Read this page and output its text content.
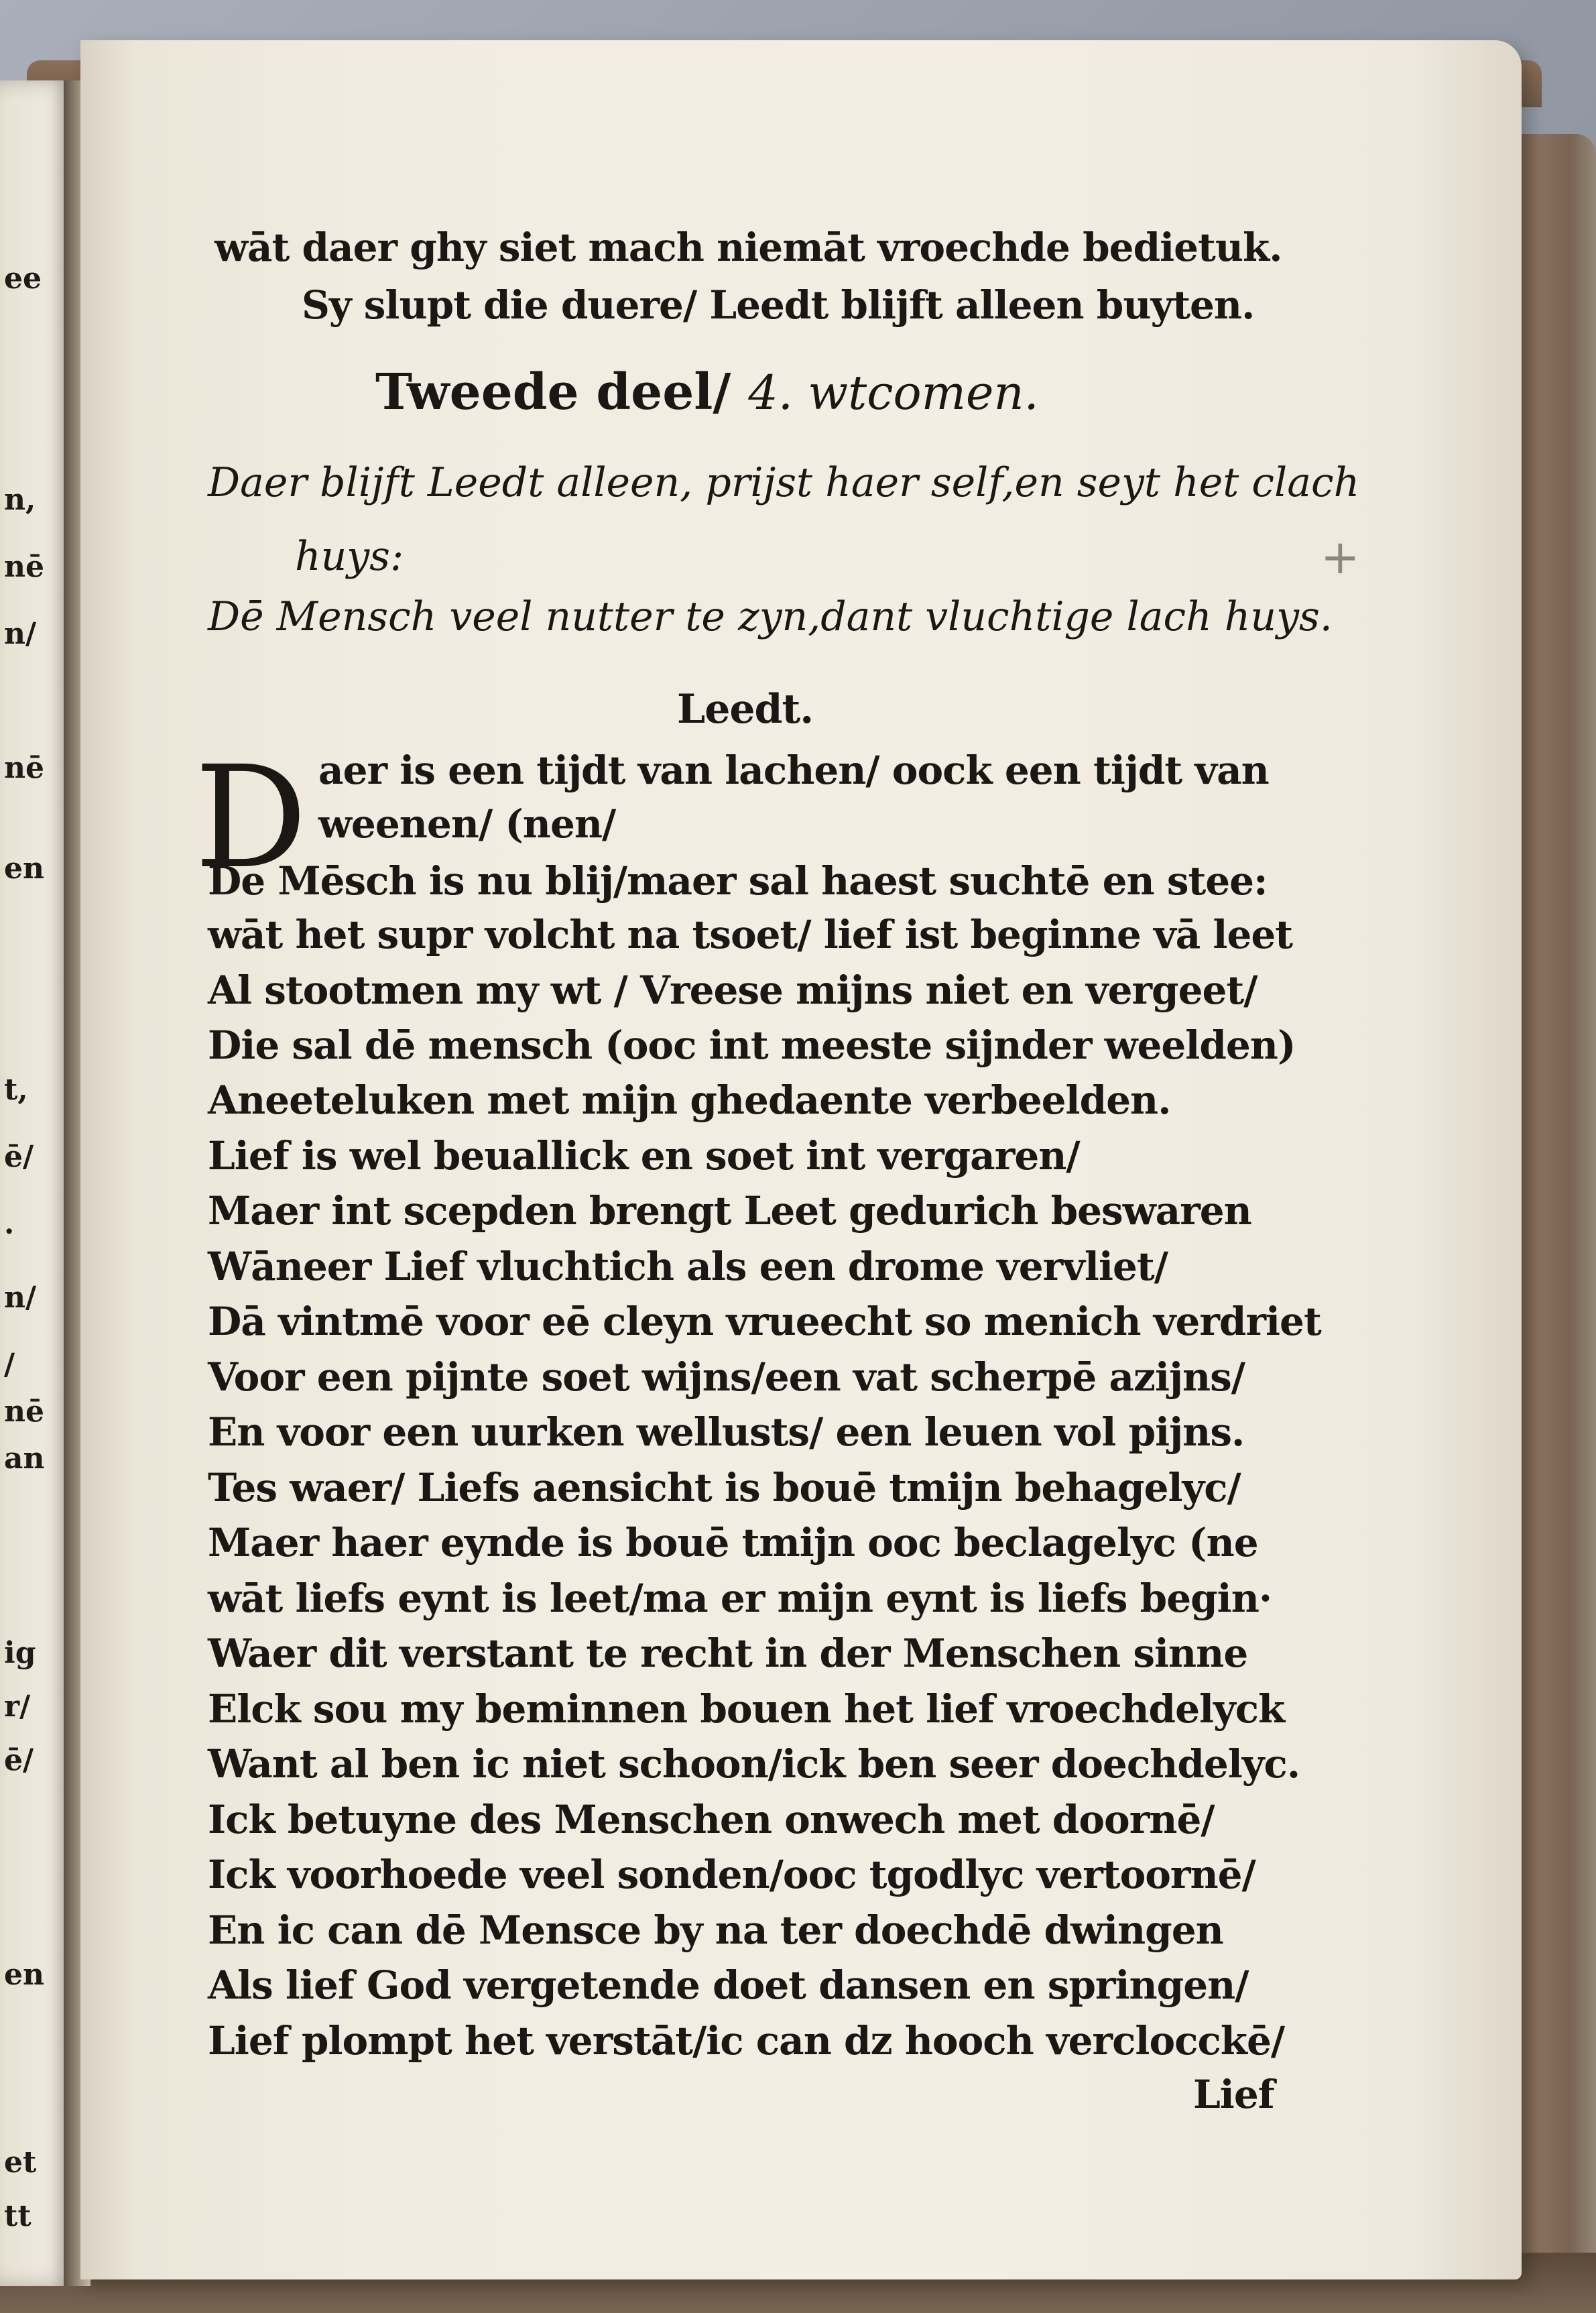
ee
n,
nē
n/
nē
en
t,
ē/
.
n/
/
nē
an
ig
r/
ē/
en
et
tt
wāt daer ghy siet mach niemāt vroechde bedietuk.
Sy slupt die duere/ Leedt blijft alleen buyten.
Tweede deel/ 4. wtcomen.
Daer blijft Leedt alleen, prijst haer self,en seyt het clach
huys:
Dē Mensch veel nutter te zyn,dant vluchtige lach huys.
+
Leedt.
D aer is een tijdt van lachen/ oock een tijdt van
weenen/ (nen/
De Mēsch is nu blij/maer sal haest suchtē en stee:
wāt het supr volcht na tsoet/ lief ist beginne vā leet
Al stootmen my wt / Vreese mijns niet en vergeet/
Die sal dē mensch (ooc int meeste sijnder weelden)
Aneeteluken met mijn ghedaente verbeelden.
Lief is wel beuallick en soet int vergaren/
Maer int scepden brengt Leet gedurich beswaren
Wāneer Lief vluchtich als een drome vervliet/
Dā vintmē voor eē cleyn vrueecht so menich verdriet
Voor een pijnte soet wijns/een vat scherpē azijns/
En voor een uurken wellusts/ een leuen vol pijns.
Tes waer/ Liefs aensicht is bouē tmijn behagelyc/
Maer haer eynde is bouē tmijn ooc beclagelyc (ne
wāt liefs eynt is leet/ma er mijn eynt is liefs begin·
Waer dit verstant te recht in der Menschen sinne
Elck sou my beminnen bouen het lief vroechdelyck
Want al ben ic niet schoon/ick ben seer doechdelyc.
Ick betuyne des Menschen onwech met doornē/
Ick voorhoede veel sonden/ooc tgodlyc vertoornē/
En ic can dē Mensce by na ter doechdē dwingen
Als lief God vergetende doet dansen en springen/
Lief plompt het verstāt/ic can dz hooch verclocckē/
Lief
